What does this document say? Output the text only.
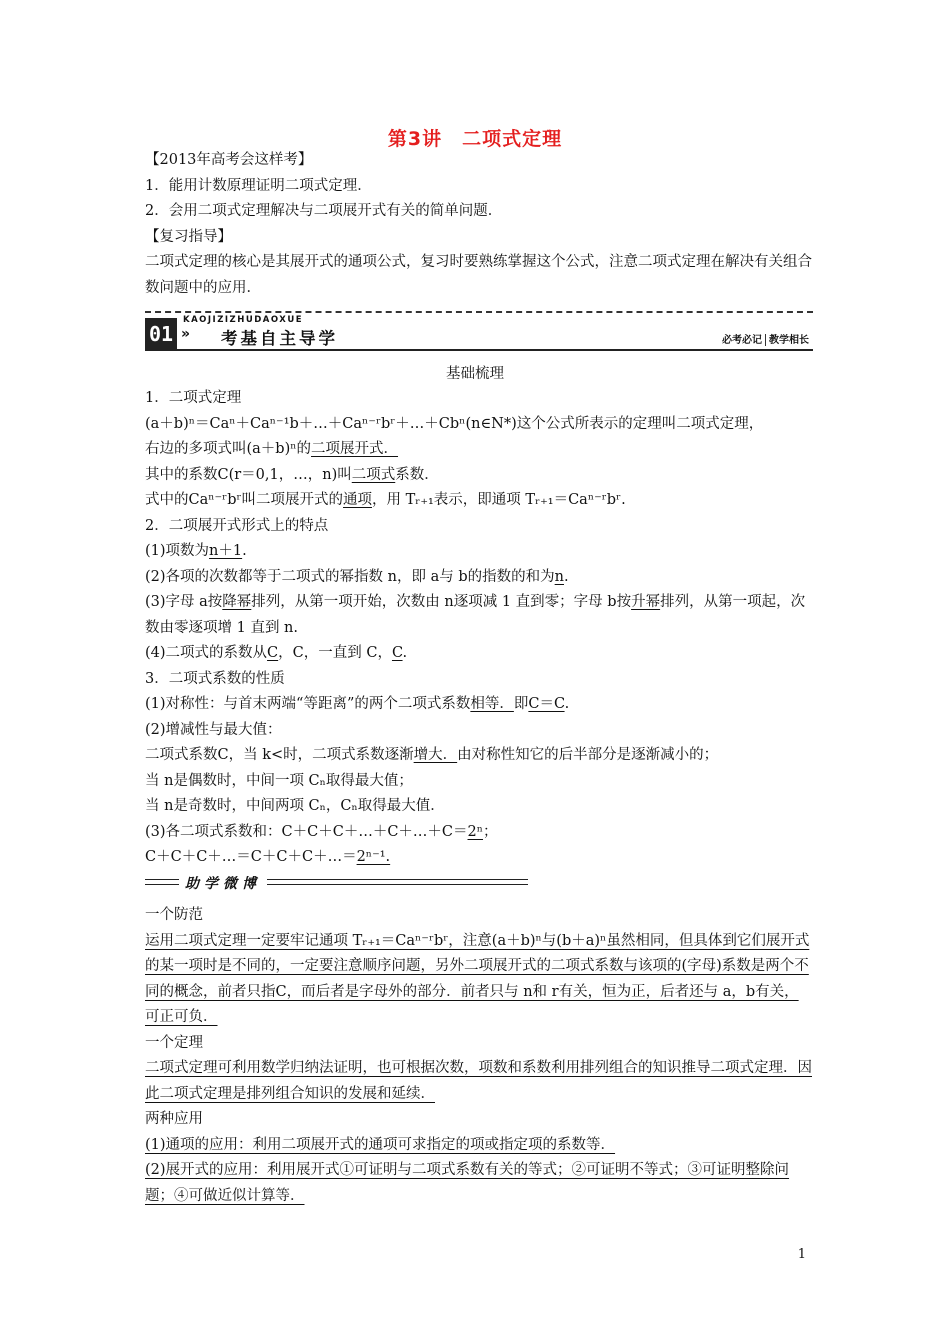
第3讲　二项式定理

【2013年高考会这样考】

1．能用计数原理证明二项式定理．

2．会用二项式定理解决与二项展开式有关的简单问题．

【复习指导】

二项式定理的核心是其展开式的通项公式，复习时要熟练掌握这个公式，注意二项式定理在解决有关组合数问题中的应用．

KAOJIZIZHUDAOXUE
01 » 考基自主导学	必考必记 教学相长
基础梳理

1．二项式定理

(a＋b)ⁿ＝Caⁿ＋Caⁿ⁻¹b＋…＋Caⁿ⁻ʳbʳ＋…＋Cbⁿ(n∈N*)这个公式所表示的定理叫二项式定理，

右边的多项式叫(a＋b)ⁿ的二项展开式．

其中的系数C(r＝0,1，…，n)叫二项式系数．

式中的Caⁿ⁻ʳbʳ叫二项展开式的通项，用 Tᵣ₊₁表示，即通项 Tᵣ₊₁＝Caⁿ⁻ʳbʳ.

2．二项展开式形式上的特点

(1)项数为n＋1.

(2)各项的次数都等于二项式的幂指数 n，即 a与 b的指数的和为n.

(3)字母 a按降幂排列，从第一项开始，次数由 n逐项减 1 直到零；字母 b按升幂排列，从第一项起，次数由零逐项增 1 直到 n.

(4)二项式的系数从C，C，一直到 C，C.

3．二项式系数的性质

(1)对称性：与首末两端“等距离”的两个二项式系数相等．即C＝C.

(2)增减性与最大值：

二项式系数C，当 k<时，二项式系数逐渐增大．由对称性知它的后半部分是逐渐减小的；

当 n是偶数时，中间一项 Cₙ取得最大值；

当 n是奇数时，中间两项 Cₙ，Cₙ取得最大值．

(3)各二项式系数和：C＋C＋C＋…＋C＋…＋C＝2ⁿ；

C＋C＋C＋…＝C＋C＋C＋…＝2ⁿ⁻¹.

助学微博

一个防范

运用二项式定理一定要牢记通项 Tᵣ₊₁＝Caⁿ⁻ʳbʳ，注意(a＋b)ⁿ与(b＋a)ⁿ虽然相同，但具体到它们展开式的某一项时是不同的，一定要注意顺序问题，另外二项展开式的二项式系数与该项的(字母)系数是两个不同的概念，前者只指C，而后者是字母外的部分．前者只与 n和 r有关，恒为正，后者还与 a，b有关，可正可负．

一个定理

二项式定理可利用数学归纳法证明，也可根据次数，项数和系数利用排列组合的知识推导二项式定理．因此二项式定理是排列组合知识的发展和延续．

两种应用

(1)通项的应用：利用二项展开式的通项可求指定的项或指定项的系数等．

(2)展开式的应用：利用展开式①可证明与二项式系数有关的等式；②可证明不等式；③可证明整除问题；④可做近似计算等．

1
